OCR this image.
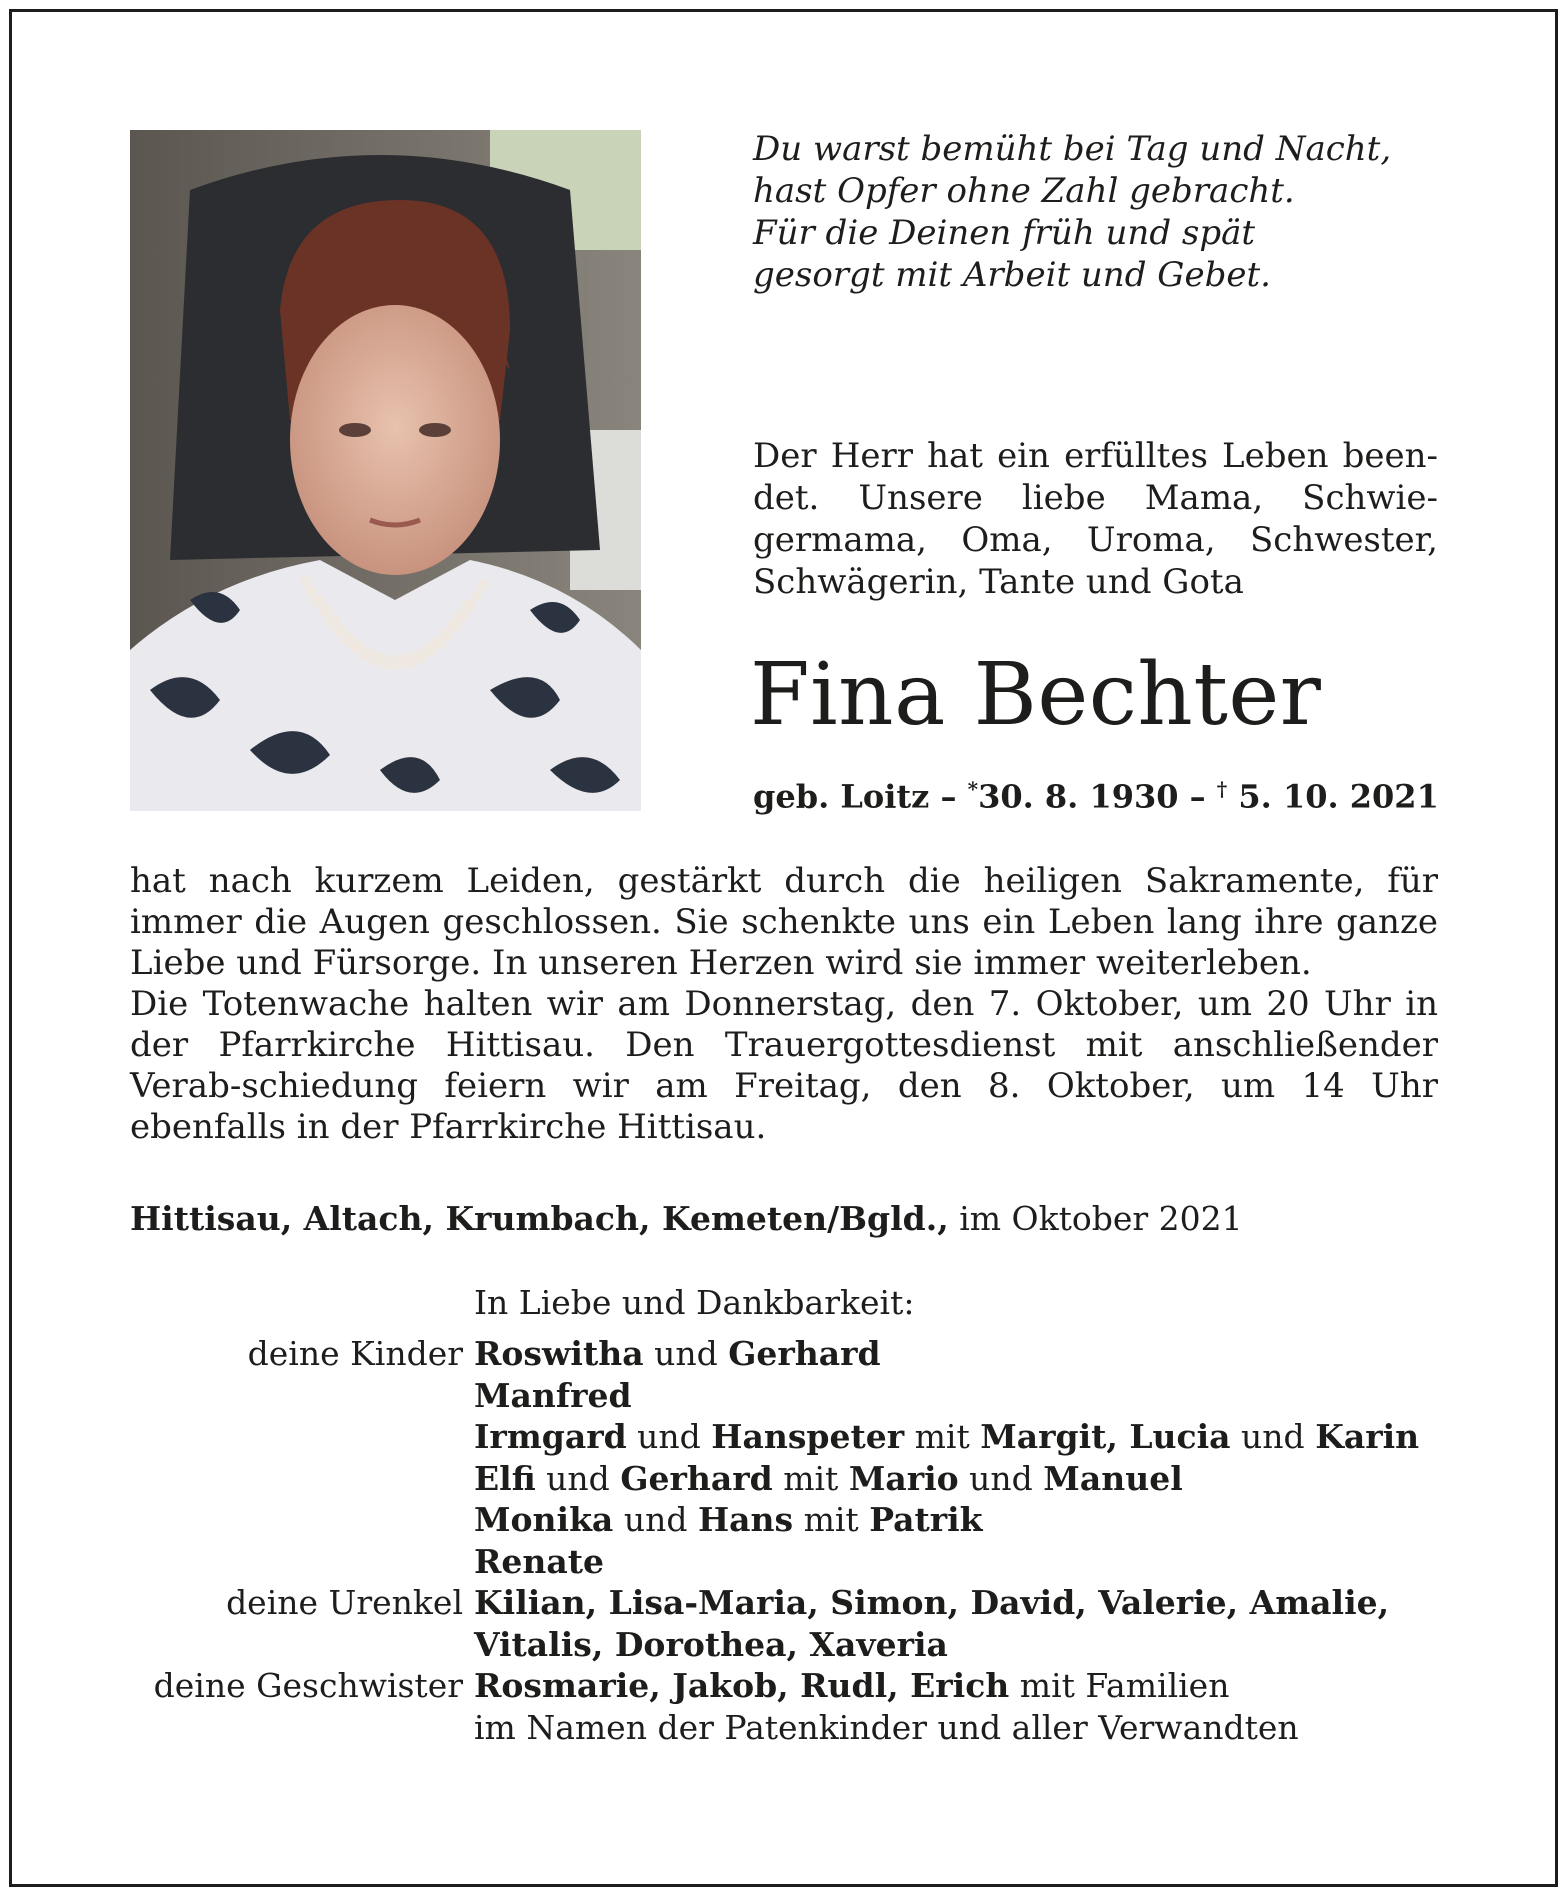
Du warst bemüht bei Tag und Nacht,
hast Opfer ohne Zahl gebracht.
Für die Deinen früh und spät
gesorgt mit Arbeit und Gebet.
Der Herr hat ein erfülltes Leben been-det. Unsere liebe Mama, Schwie-germama, Oma, Uroma, Schwester, Schwägerin, Tante und Gota
Fina Bechter
geb. Loitz – *30. 8. 1930 – † 5. 10. 2021

hat nach kurzem Leiden, gestärkt durch die heiligen Sakramente, für immer die Augen geschlossen. Sie schenkte uns ein Leben lang ihre ganze Liebe und Fürsorge. In unseren Herzen wird sie immer weiterleben.

Die Totenwache halten wir am Donnerstag, den 7. Oktober, um 20 Uhr in der Pfarrkirche Hittisau. Den Trauergottesdienst mit anschließender Verab-schiedung feiern wir am Freitag, den 8. Oktober, um 14 Uhr ebenfalls in der Pfarrkirche Hittisau.

Hittisau, Altach, Krumbach, Kemeten/Bgld., im Oktober 2021
In Liebe und Dankbarkeit:
deine Kinder Roswitha und Gerhard
Manfred
Irmgard und Hanspeter mit Margit, Lucia und Karin
Elfi und Gerhard mit Mario und Manuel
Monika und Hans mit Patrik
Renate
deine Urenkel Kilian, Lisa-Maria, Simon, David, Valerie, Amalie,
Vitalis, Dorothea, Xaveria
deine Geschwister Rosmarie, Jakob, Rudl, Erich mit Familien
im Namen der Patenkinder und aller Verwandten
